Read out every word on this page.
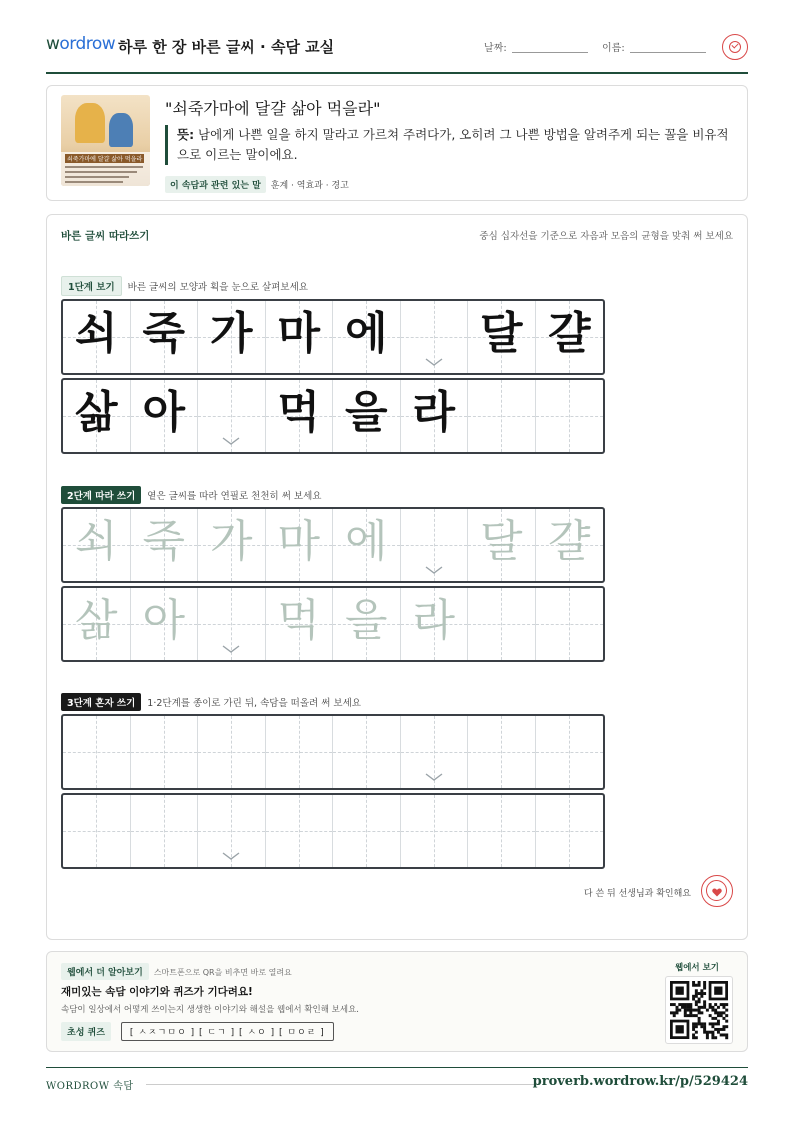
wordrow 하루 한 장 바른 글씨 · 속담 교실	날짜:	이름:
쇠죽가마에 달걀 삶아 먹을라
"쇠죽가마에 달걀 삶아 먹을라"
뜻: 남에게 나쁜 일을 하지 말라고 가르쳐 주려다가, 오히려 그 나쁜 방법을 알려주게 되는 꼴을 비유적으로 이르는 말이에요.
이 속담과 관련 있는 말 훈계 · 역효과 · 경고
바른 글씨 따라쓰기	중심 십자선을 기준으로 자음과 모음의 균형을 맞춰 써 보세요
1단계 보기 바른 글씨의 모양과 획을 눈으로 살펴보세요
쇠 죽 가 마 에 달 걀
삶 아 먹 을 라
2단계 따라 쓰기 옅은 글씨를 따라 연필로 천천히 써 보세요
쇠 죽 가 마 에 달 걀
삶 아 먹 을 라
3단계 혼자 쓰기 1·2단계를 종이로 가린 뒤, 속담을 떠올려 써 보세요
다 쓴 뒤 선생님과 확인해요
웹에서 더 알아보기 스마트폰으로 QR을 비추면 바로 열려요
재미있는 속담 이야기와 퀴즈가 기다려요!
속담이 일상에서 어떻게 쓰이는지 생생한 이야기와 해설을 웹에서 확인해 보세요.
초성 퀴즈	[ ㅅㅈㄱㅁㅇ ] [ ㄷㄱ ] [ ㅅㅇ ] [ ㅁㅇㄹ ]
웹에서 보기
WORDROW 속담	proverb.wordrow.kr/p/529424
